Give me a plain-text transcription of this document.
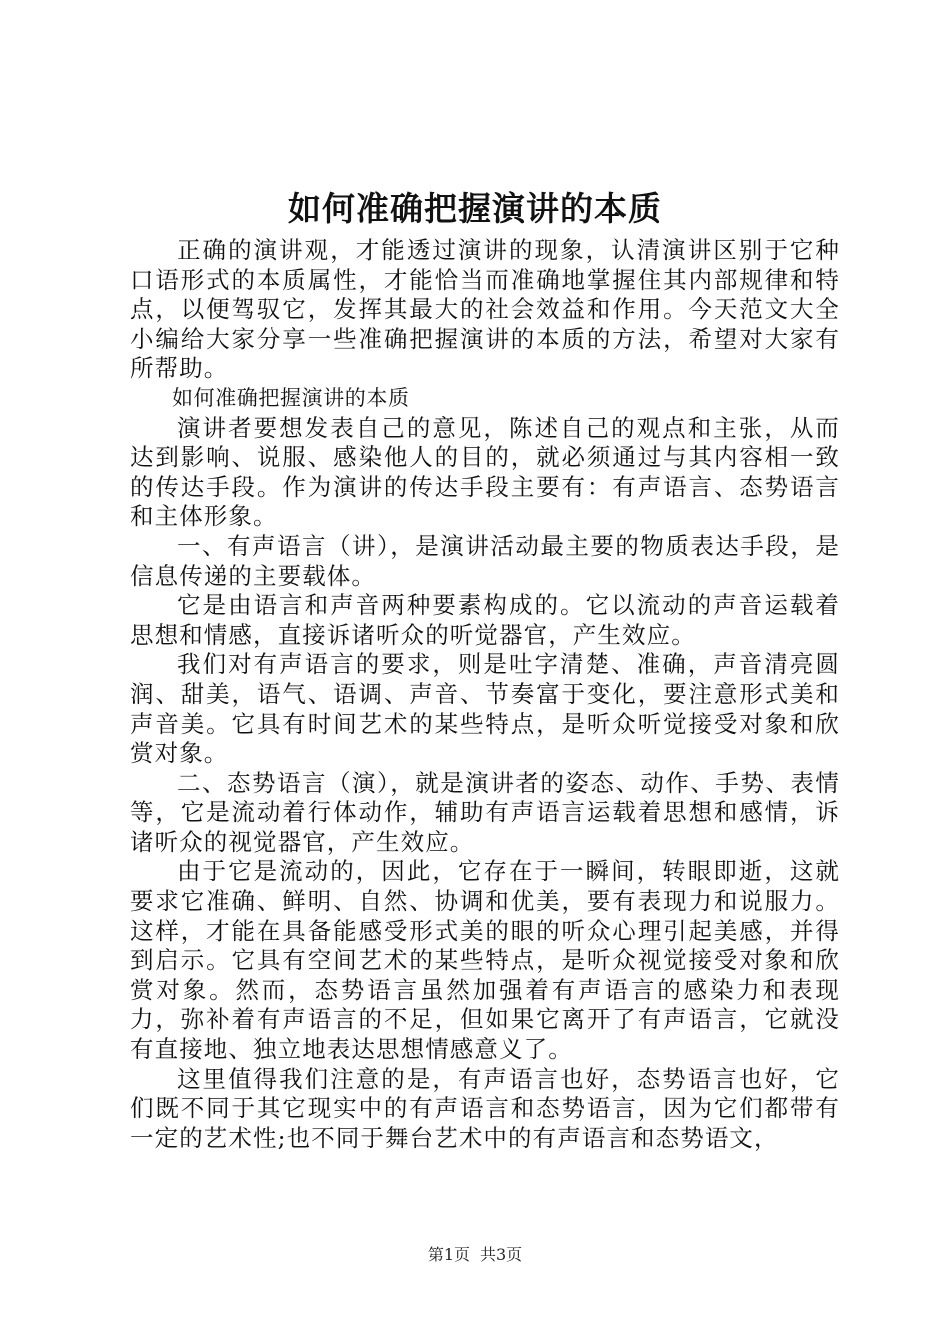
如何准确把握演讲的本质

正确的演讲观，才能透过演讲的现象，认清演讲区别于它种口语形式的本质属性，才能恰当而准确地掌握住其内部规律和特点，以便驾驭它，发挥其最大的社会效益和作用。今天范文大全小编给大家分享一些准确把握演讲的本质的方法，希望对大家有所帮助。

如何准确把握演讲的本质

演讲者要想发表自己的意见，陈述自己的观点和主张，从而达到影响、说服、感染他人的目的，就必须通过与其内容相一致的传达手段。作为演讲的传达手段主要有：有声语言、态势语言和主体形象。

一、有声语言（讲），是演讲活动最主要的物质表达手段，是信息传递的主要载体。

它是由语言和声音两种要素构成的。它以流动的声音运载着思想和情感，直接诉诸听众的听觉器官，产生效应。

我们对有声语言的要求，则是吐字清楚、准确，声音清亮圆润、甜美，语气、语调、声音、节奏富于变化，要注意形式美和声音美。它具有时间艺术的某些特点，是听众听觉接受对象和欣赏对象。

二、态势语言（演），就是演讲者的姿态、动作、手势、表情等，它是流动着行体动作，辅助有声语言运载着思想和感情，诉诸听众的视觉器官，产生效应。

由于它是流动的，因此，它存在于一瞬间，转眼即逝，这就要求它准确、鲜明、自然、协调和优美，要有表现力和说服力。这样，才能在具备能感受形式美的眼的听众心理引起美感，并得到启示。它具有空间艺术的某些特点，是听众视觉接受对象和欣赏对象。然而，态势语言虽然加强着有声语言的感染力和表现力，弥补着有声语言的不足，但如果它离开了有声语言，它就没有直接地、独立地表达思想情感意义了。

这里值得我们注意的是，有声语言也好，态势语言也好，它们既不同于其它现实中的有声语言和态势语言，因为它们都带有一定的艺术性;也不同于舞台艺术中的有声语言和态势语文，

第1页 共3页
